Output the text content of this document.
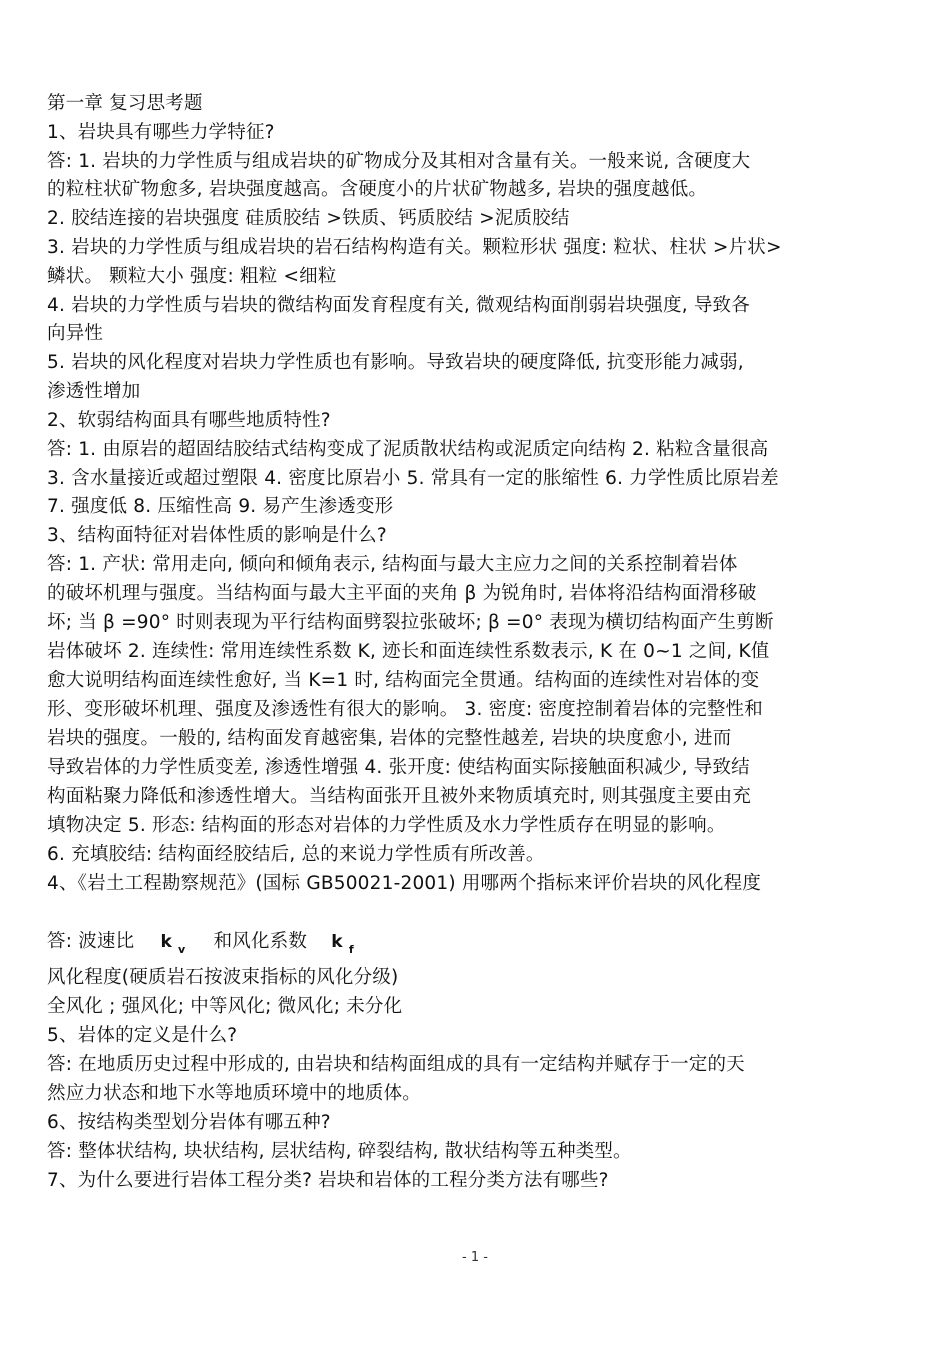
第一章 复习思考题
1、岩块具有哪些力学特征?
答: 1. 岩块的力学性质与组成岩块的矿物成分及其相对含量有关。一般来说, 含硬度大
的粒柱状矿物愈多, 岩块强度越高。含硬度小的片状矿物越多, 岩块的强度越低。
2. 胶结连接的岩块强度 硅质胶结 >铁质、钙质胶结 >泥质胶结
3. 岩块的力学性质与组成岩块的岩石结构构造有关。颗粒形状 强度: 粒状、柱状 >片状>
鳞状。 颗粒大小 强度: 粗粒 <细粒
4. 岩块的力学性质与岩块的微结构面发育程度有关, 微观结构面削弱岩块强度, 导致各
向异性
5. 岩块的风化程度对岩块力学性质也有影响。导致岩块的硬度降低, 抗变形能力减弱,
渗透性增加
2、软弱结构面具有哪些地质特性?
答: 1. 由原岩的超固结胶结式结构变成了泥质散状结构或泥质定向结构 2. 粘粒含量很高
3. 含水量接近或超过塑限 4. 密度比原岩小 5. 常具有一定的胀缩性 6. 力学性质比原岩差
7. 强度低 8. 压缩性高 9. 易产生渗透变形
3、结构面特征对岩体性质的影响是什么?
答: 1. 产状: 常用走向, 倾向和倾角表示, 结构面与最大主应力之间的关系控制着岩体
的破坏机理与强度。当结构面与最大主平面的夹角 β 为锐角时, 岩体将沿结构面滑移破
坏; 当 β =90° 时则表现为平行结构面劈裂拉张破坏; β =0° 表现为横切结构面产生剪断
岩体破坏 2. 连续性: 常用连续性系数 K, 迹长和面连续性系数表示, K 在 0~1 之间, K值
愈大说明结构面连续性愈好, 当 K=1 时, 结构面完全贯通。结构面的连续性对岩体的变
形、变形破坏机理、强度及渗透性有很大的影响。 3. 密度: 密度控制着岩体的完整性和
岩块的强度。一般的, 结构面发育越密集, 岩体的完整性越差, 岩块的块度愈小, 进而
导致岩体的力学性质变差, 渗透性增强 4. 张开度: 使结构面实际接触面积减少, 导致结
构面粘聚力降低和渗透性增大。当结构面张开且被外来物质填充时, 则其强度主要由充
填物决定 5. 形态: 结构面的形态对岩体的力学性质及水力学性质存在明显的影响。
6. 充填胶结: 结构面经胶结后, 总的来说力学性质有所改善。
4、《岩土工程勘察规范》(国标 GB50021-2001) 用哪两个指标来评价岩块的风化程度
答: 波速比 k $_v$ 和风化系数 k $_f$
风化程度(硬质岩石按波束指标的风化分级)
全风化 ; 强风化; 中等风化; 微风化; 未分化
5、岩体的定义是什么?
答: 在地质历史过程中形成的, 由岩块和结构面组成的具有一定结构并赋存于一定的天
然应力状态和地下水等地质环境中的地质体。
6、按结构类型划分岩体有哪五种?
答: 整体状结构, 块状结构, 层状结构, 碎裂结构, 散状结构等五种类型。
7、为什么要进行岩体工程分类? 岩块和岩体的工程分类方法有哪些?
- 1 -
